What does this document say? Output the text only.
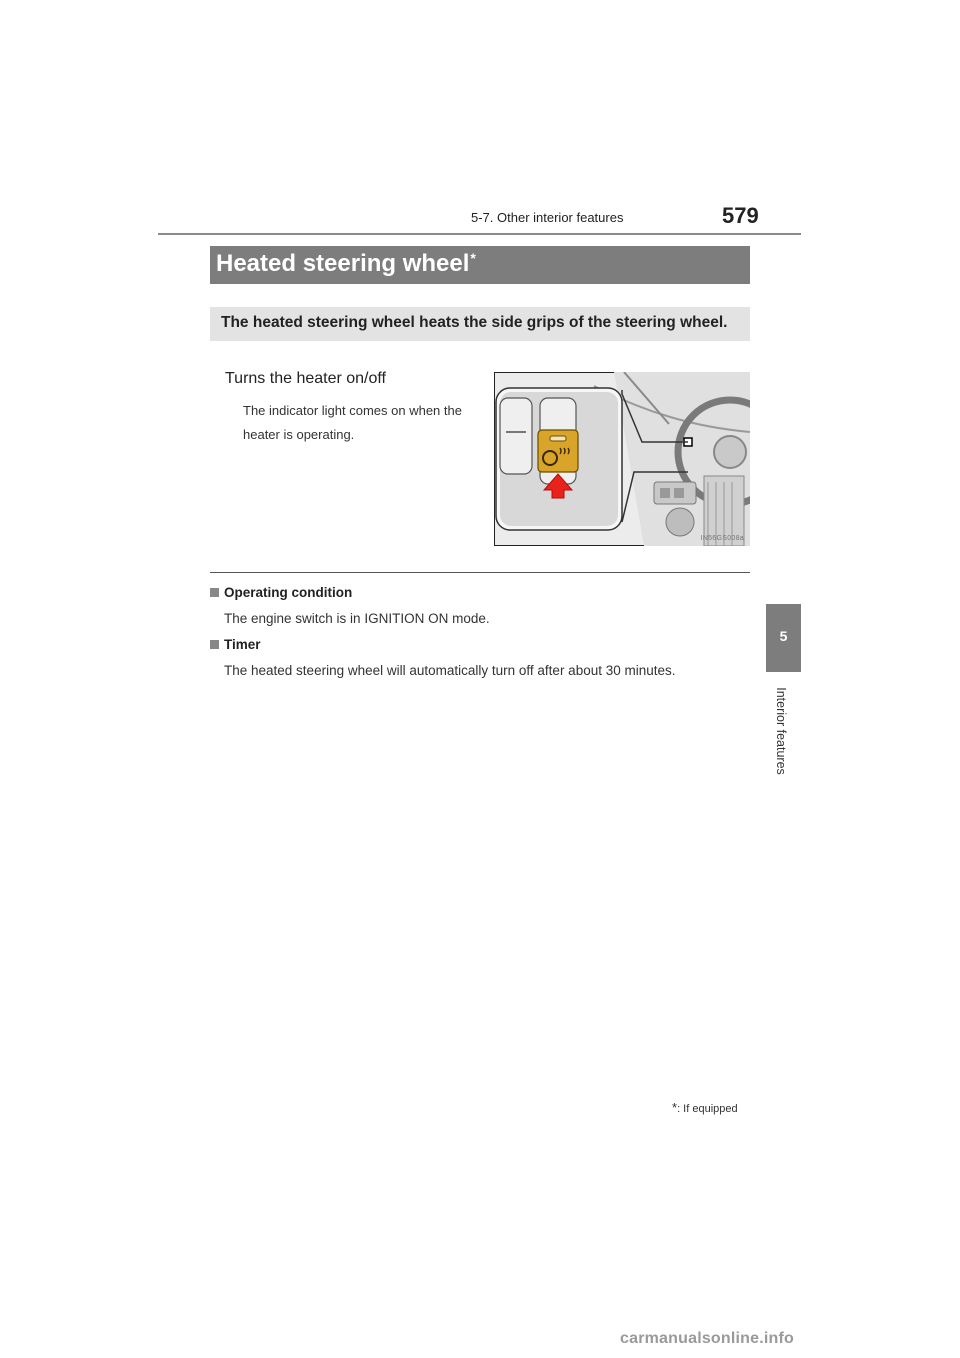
5-7. Other interior features	579
Heated steering wheel*
The heated steering wheel heats the side grips of the steering wheel.
Turns the heater on/off
The indicator light comes on when the heater is operating.
IN56GS008a
Operating condition
The engine switch is in IGNITION ON mode.
Timer
The heated steering wheel will automatically turn off after about 30 minutes.
5
Interior features
*: If equipped
carmanualsonline.info
